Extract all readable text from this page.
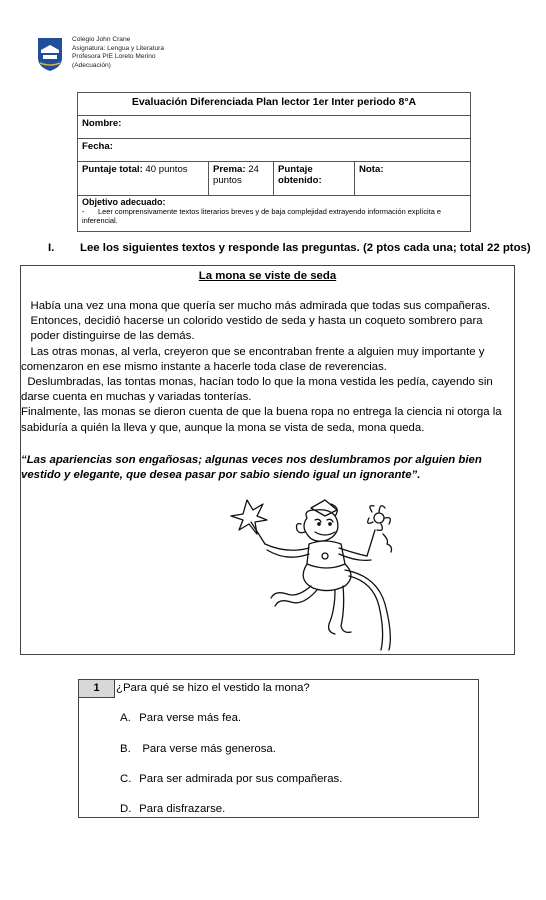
Colegio John Crane
Asignatura: Lengua y Literatura
Profesora PIE Loreto Merino
(Adecuación)
Evaluación Diferenciada Plan lector 1er Inter periodo 8°A
Nombre:
Fecha:
Puntaje total: 40 puntos	Prema: 24 puntos	Puntaje obtenido:	Nota:

Objetivo adecuado:
- Leer comprensivamente textos literarios breves y de baja complejidad extrayendo información explícita e inferencial.
I. Lee los siguientes textos y responde las preguntas. (2 ptos cada una; total 22 ptos)
La mona se viste de seda

Había una vez una mona que quería ser mucho más admirada que todas sus compañeras.

Entonces, decidió hacerse un colorido vestido de seda y hasta un coqueto sombrero para

poder distinguirse de las demás.

Las otras monas, al verla, creyeron que se encontraban frente a alguien muy importante y

comenzaron en ese mismo instante a hacerle toda clase de reverencias.

Deslumbradas, las tontas monas, hacían todo lo que la mona vestida les pedía, cayendo sin

darse cuenta en muchas y variadas tonterías.

Finalmente, las monas se dieron cuenta de que la buena ropa no entrega la ciencia ni otorga la

sabiduría a quién la lleva y que, aunque la mona se vista de seda, mona queda.

“Las apariencias son engañosas; algunas veces nos deslumbramos por alguien bien vestido y elegante, que desea pasar por sabio siendo igual un ignorante”.
1	¿Para qué se hizo el vestido la mona?
A. Para verse más fea.
B.  Para verse más generosa.
C. Para ser admirada por sus compañeras.
D. Para disfrazarse.
